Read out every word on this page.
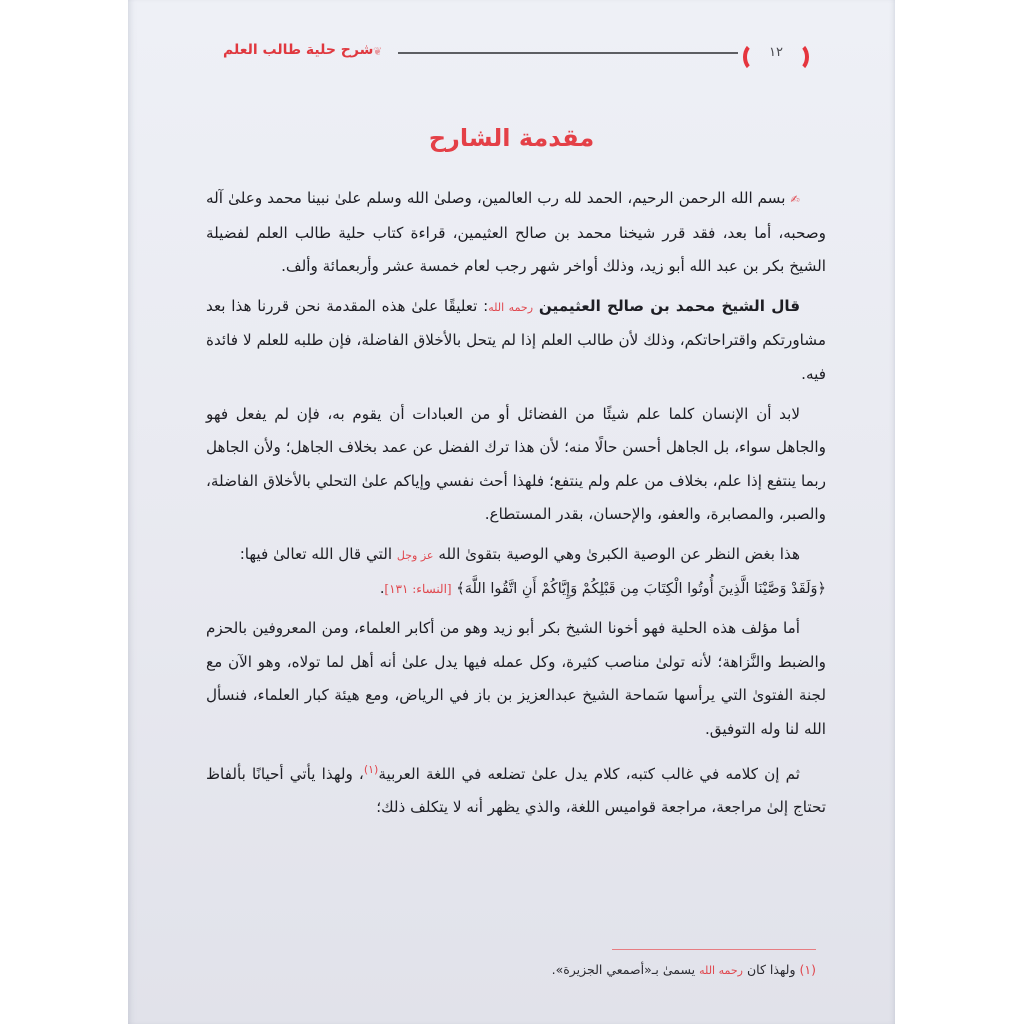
شرح حلية طالب العلم ❦	١٢
مقدمة الشارح

✍ بسم الله الرحمن الرحيم، الحمد لله رب العالمين، وصلىٰ الله وسلم علىٰ نبينا محمد وعلىٰ آله وصحبه، أما بعد، فقد قرر شيخنا محمد بن صالح العثيمين، قراءة كتاب حلية طالب العلم لفضيلة الشيخ بكر بن عبد الله أبو زيد، وذلك أواخر شهر رجب لعام خمسة عشر وأربعمائة وألف.

قال الشيخ محمد بن صالح العثيمين رحمه الله: تعليقًا علىٰ هذه المقدمة نحن قررنا هذا بعد مشاورتكم واقتراحاتكم، وذلك لأن طالب العلم إذا لم يتحل بالأخلاق الفاضلة، فإن طلبه للعلم لا فائدة فيه.

لابد أن الإنسان كلما علم شيئًا من الفضائل أو من العبادات أن يقوم به، فإن لم يفعل فهو والجاهل سواء، بل الجاهل أحسن حالًا منه؛ لأن هذا ترك الفضل عن عمد بخلاف الجاهل؛ ولأن الجاهل ربما ينتفع إذا علم، بخلاف من علم ولم ينتفع؛ فلهذا أحث نفسي وإياكم علىٰ التحلي بالأخلاق الفاضلة، والصبر، والمصابرة، والعفو، والإحسان، بقدر المستطاع.

هذا بغض النظر عن الوصية الكبرىٰ وهي الوصية بتقوىٰ الله عز وجل التي قال الله تعالىٰ فيها:
﴿وَلَقَدْ وَصَّيْنَا الَّذِينَ أُوتُوا الْكِتَابَ مِن قَبْلِكُمْ وَإِيَّاكُمْ أَنِ اتَّقُوا اللَّهَ﴾ [النساء: ١٣١].

أما مؤلف هذه الحلية فهو أخونا الشيخ بكر أبو زيد وهو من أكابر العلماء، ومن المعروفين بالحزم والضبط والنَّزاهة؛ لأنه تولىٰ مناصب كثيرة، وكل عمله فيها يدل علىٰ أنه أهل لما تولاه، وهو الآن مع لجنة الفتوىٰ التي يرأسها سَماحة الشيخ عبدالعزيز بن باز في الرياض، ومع هيئة كبار العلماء، فنسأل الله لنا وله التوفيق.

ثم إن كلامه في غالب كتبه، كلام يدل علىٰ تضلعه في اللغة العربية$^{(١)}$، ولهذا يأتي أحيانًا بألفاظ تحتاج إلىٰ مراجعة، مراجعة قواميس اللغة، والذي يظهر أنه لا يتكلف ذلك؛

(١) ولهذا كان رحمه الله يسمىٰ بـ«أصمعي الجزيرة».
